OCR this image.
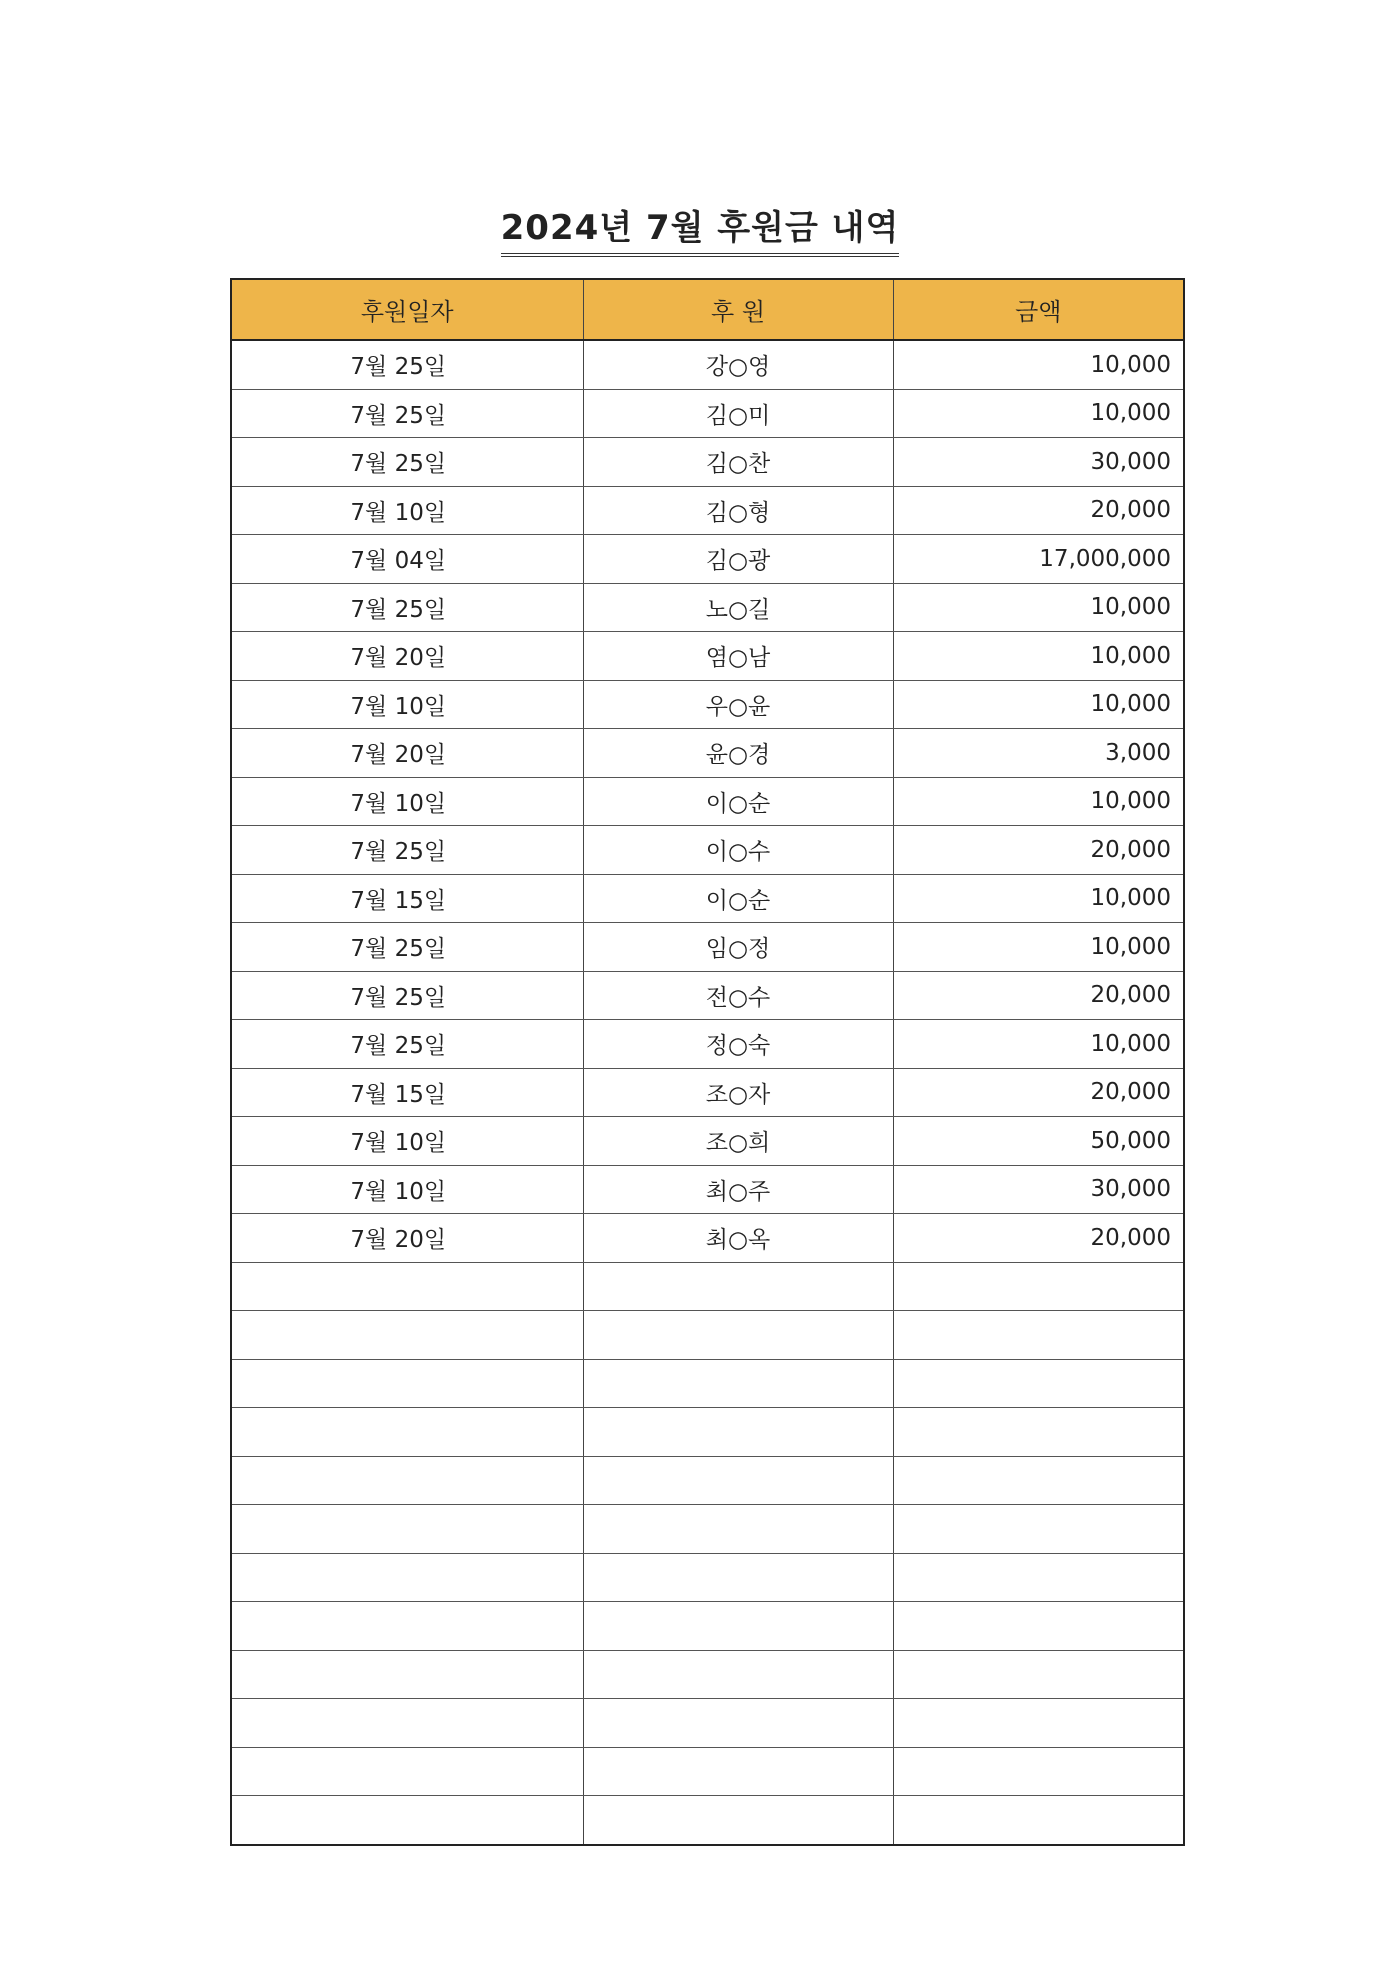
2024년 7월 후원금 내역
후원일자	후 원	금액
7월 25일	강○영	10,000
7월 25일	김○미	10,000
7월 25일	김○찬	30,000
7월 10일	김○형	20,000
7월 04일	김○광	17,000,000
7월 25일	노○길	10,000
7월 20일	염○남	10,000
7월 10일	우○윤	10,000
7월 20일	윤○경	3,000
7월 10일	이○순	10,000
7월 25일	이○수	20,000
7월 15일	이○순	10,000
7월 25일	임○정	10,000
7월 25일	전○수	20,000
7월 25일	정○숙	10,000
7월 15일	조○자	20,000
7월 10일	조○희	50,000
7월 10일	최○주	30,000
7월 20일	최○옥	20,000
